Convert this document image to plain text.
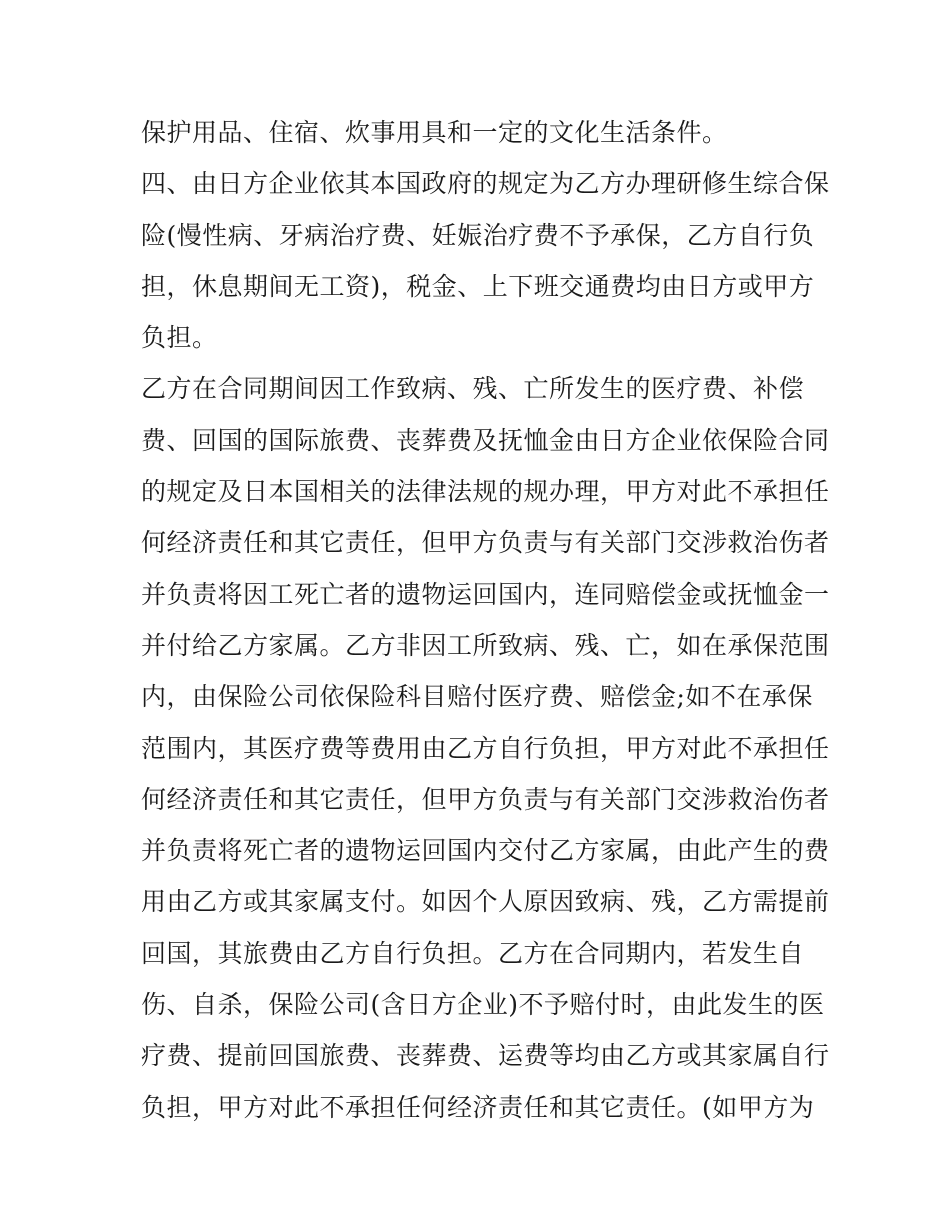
保护用品、住宿、炊事用具和一定的文化生活条件。
四、由日方企业依其本国政府的规定为乙方办理研修生综合保
险(慢性病、牙病治疗费、妊娠治疗费不予承保，乙方自行负
担，休息期间无工资)，税金、上下班交通费均由日方或甲方
负担。
乙方在合同期间因工作致病、残、亡所发生的医疗费、补偿
费、回国的国际旅费、丧葬费及抚恤金由日方企业依保险合同
的规定及日本国相关的法律法规的规办理，甲方对此不承担任
何经济责任和其它责任，但甲方负责与有关部门交涉救治伤者
并负责将因工死亡者的遗物运回国内，连同赔偿金或抚恤金一
并付给乙方家属。乙方非因工所致病、残、亡，如在承保范围
内，由保险公司依保险科目赔付医疗费、赔偿金;如不在承保
范围内，其医疗费等费用由乙方自行负担，甲方对此不承担任
何经济责任和其它责任，但甲方负责与有关部门交涉救治伤者
并负责将死亡者的遗物运回国内交付乙方家属，由此产生的费
用由乙方或其家属支付。如因个人原因致病、残，乙方需提前
回国，其旅费由乙方自行负担。乙方在合同期内，若发生自
伤、自杀，保险公司(含日方企业)不予赔付时，由此发生的医
疗费、提前回国旅费、丧葬费、运费等均由乙方或其家属自行
负担，甲方对此不承担任何经济责任和其它责任。(如甲方为
